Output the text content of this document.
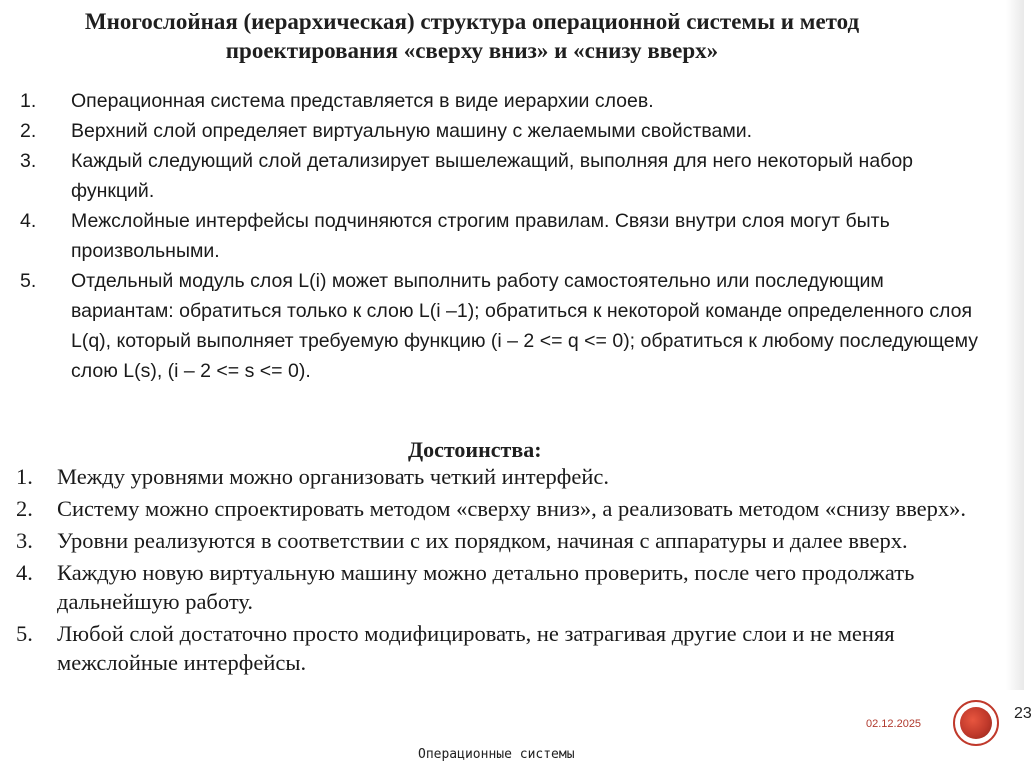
Многослойная (иерархическая) структура операционной системы и метод
проектирования «сверху вниз» и «снизу вверх»
1. Операционная система представляется в виде иерархии слоев.
2. Верхний слой определяет виртуальную машину с желаемыми свойствами.
3. Каждый следующий слой детализирует вышележащий, выполняя для него некоторый набор функций.
4. Межслойные интерфейсы подчиняются строгим правилам. Связи внутри слоя могут быть произвольными.
5. Отдельный модуль слоя L(i) может выполнить работу самостоятельно или последующим вариантам: обратиться только к слою L(i –1); обратиться к некоторой команде определенного слоя L(q), который выполняет требуемую функцию (i – 2 <= q <= 0); обратиться к любому последующему слою L(s), (i – 2 <= s <= 0).
Достоинства:
1. Между уровнями можно организовать четкий интерфейс.
2. Систему можно спроектировать методом «сверху вниз», а реализовать методом «снизу вверх».
3. Уровни реализуются в соответствии с их порядком, начиная с аппаратуры и далее вверх.
4. Каждую новую виртуальную машину можно детально проверить, после чего продолжать дальнейшую работу.
5. Любой слой достаточно просто модифицировать, не затрагивая другие слои и не меняя межслойные интерфейсы.
02.12.2025
23
Операционные системы
